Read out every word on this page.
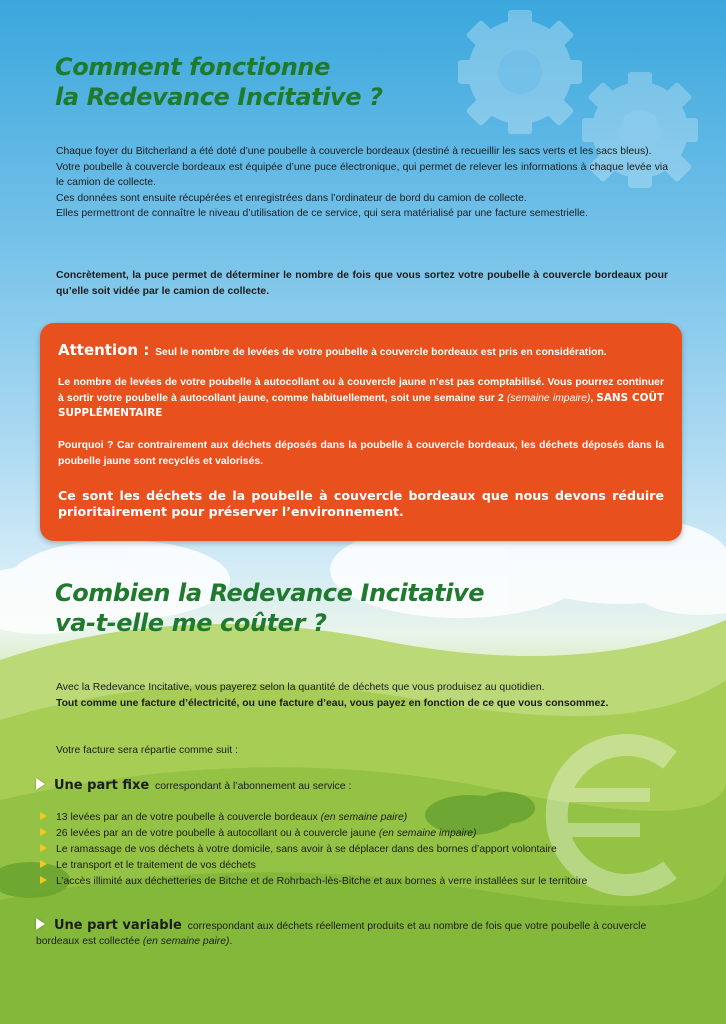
Comment fonctionne
la Redevance Incitative ?
Chaque foyer du Bitcherland a été doté d’une poubelle à couvercle bordeaux (destiné à recueillir les sacs verts et les sacs bleus).
Votre poubelle à couvercle bordeaux est équipée d’une puce électronique, qui permet de relever les informations à chaque levée via le camion de collecte.
Ces données sont ensuite récupérées et enregistrées dans l’ordinateur de bord du camion de collecte.
Elles permettront de connaître le niveau d’utilisation de ce service, qui sera matérialisé par une facture semestrielle.
Concrètement, la puce permet de déterminer le nombre de fois que vous sortez votre poubelle à couvercle bordeaux pour qu’elle soit vidée par le camion de collecte.

Attention : Seul le nombre de levées de votre poubelle à couvercle bordeaux est pris en considération.

Le nombre de levées de votre poubelle à autocollant ou à couvercle jaune n’est pas comptabilisé. Vous pourrez continuer à sortir votre poubelle à autocollant jaune, comme habituellement, soit une semaine sur 2 (semaine impaire), SANS COÛT SUPPLÉMENTAIRE

Pourquoi ? Car contrairement aux déchets déposés dans la poubelle à couvercle bordeaux, les déchets déposés dans la poubelle jaune sont recyclés et valorisés.

Ce sont les déchets de la poubelle à couvercle bordeaux que nous devons réduire prioritairement pour préserver l’environnement.

Combien la Redevance Incitative
va-t-elle me coûter ?
Avec la Redevance Incitative, vous payerez selon la quantité de déchets que vous produisez au quotidien.
Tout comme une facture d’électricité, ou une facture d’eau, vous payez en fonction de ce que vous consommez.
Votre facture sera répartie comme suit :
Une part fixe correspondant à l’abonnement au service :
13 levées par an de votre poubelle à couvercle bordeaux (en semaine paire)
26 levées par an de votre poubelle à autocollant ou à couvercle jaune (en semaine impaire)
Le ramassage de vos déchets à votre domicile, sans avoir à se déplacer dans des bornes d’apport volontaire
Le transport et le traitement de vos déchets
L’accès illimité aux déchetteries de Bitche et de Rohrbach-lès-Bitche et aux bornes à verre installées sur le territoire
Une part variable correspondant aux déchets réellement produits et au nombre de fois que votre poubelle à couvercle bordeaux est collectée (en semaine paire).
